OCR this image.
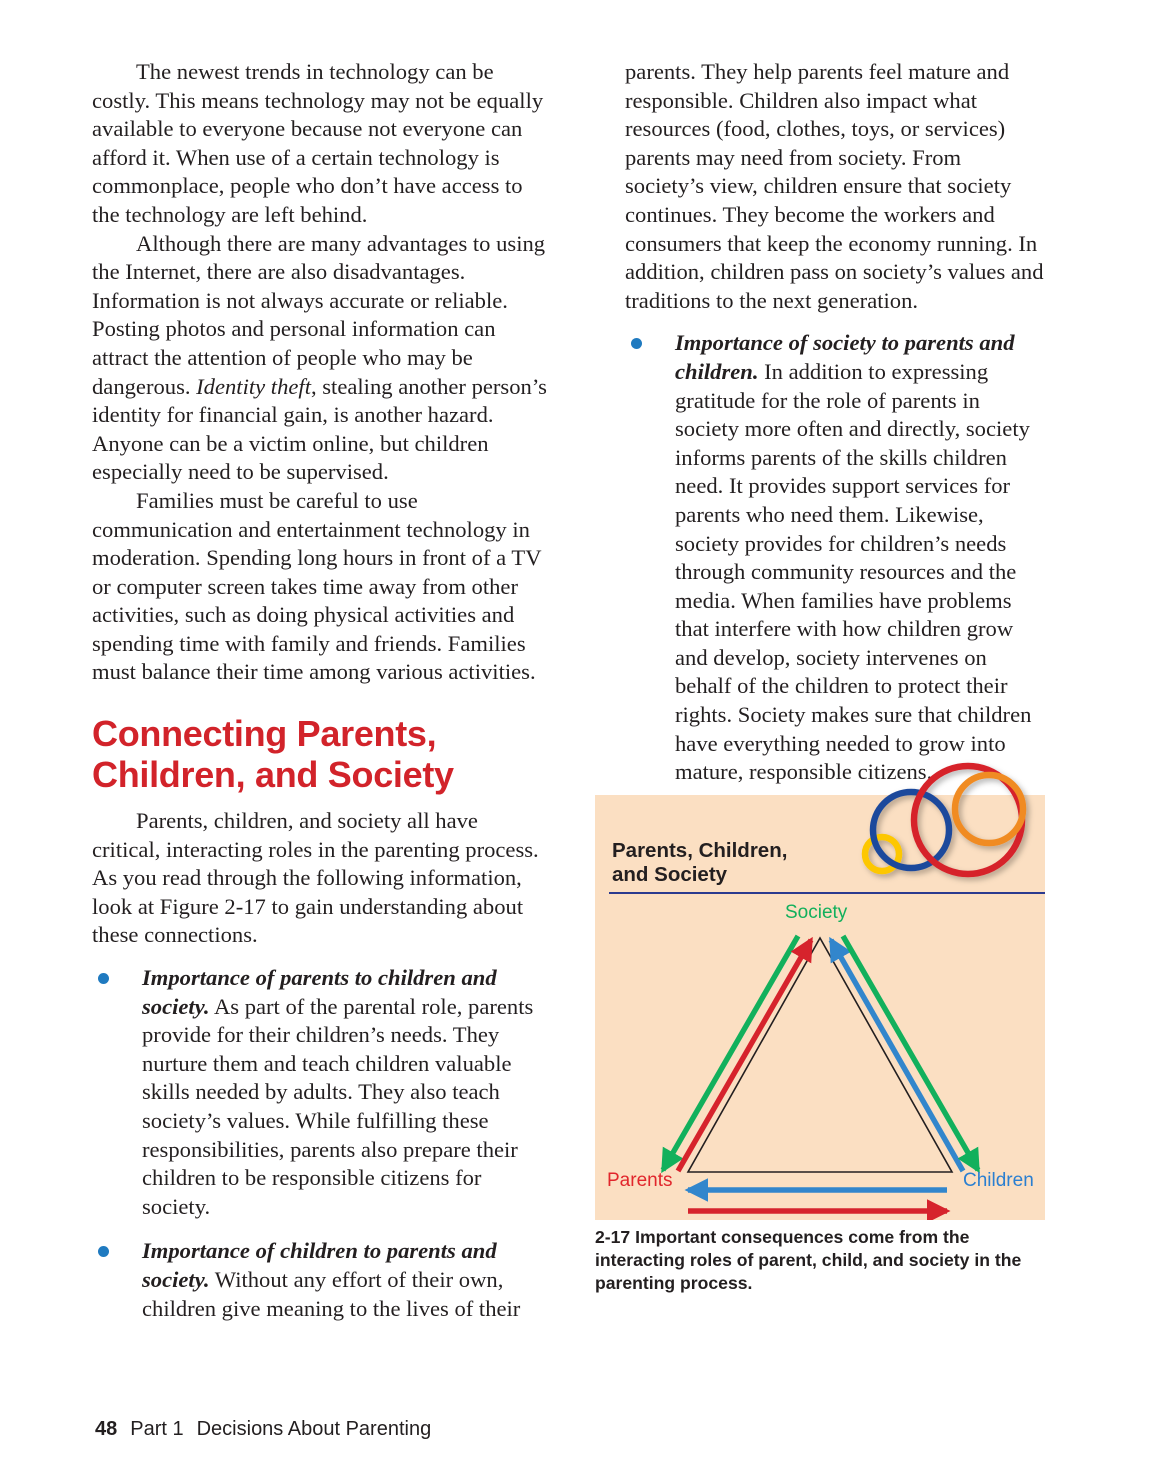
The newest trends in technology can be costly. This means technology may not be equally available to everyone because not everyone can afford it. When use of a certain technology is commonplace, people who don’t have access to the technology are left behind.

Although there are many advantages to using the Internet, there are also disadvantages. Information is not always accurate or reliable. Posting photos and personal information can attract the attention of people who may be dangerous. Identity theft, stealing another person’s identity for financial gain, is another hazard. Anyone can be a victim online, but children especially need to be supervised.

Families must be careful to use communication and entertainment technology in moderation. Spending long hours in front of a TV or computer screen takes time away from other activities, such as doing physical activities and spending time with family and friends. Families must balance their time among various activities.

Connecting Parents, Children, and Society

Parents, children, and society all have critical, interacting roles in the parenting process. As you read through the following information, look at Figure 2-17 to gain understanding about these connections.

Importance of parents to children and society. As part of the parental role, parents provide for their children’s needs. They nurture them and teach children valuable skills needed by adults. They also teach society’s values. While fulfilling these responsibilities, parents also prepare their children to be responsible citizens for society.
Importance of children to parents and society. Without any effort of their own, children give meaning to the lives of their

parents. They help parents feel mature and responsible. Children also impact what resources (food, clothes, toys, or services) parents may need from society. From society’s view, children ensure that society continues. They become the workers and consumers that keep the economy running. In addition, children pass on society’s values and traditions to the next generation.

Importance of society to parents and children. In addition to expressing gratitude for the role of parents in society more often and directly, society informs parents of the skills children need. It provides support services for parents who need them. Likewise, society provides for children’s needs through community resources and the media. When families have problems that interfere with how children grow and develop, society intervenes on behalf of the children to protect their rights. Society makes sure that children have everything needed to grow into mature, responsible citizens.
Parents, Children,
and Society
Society
Parents	Children
2-17 Important consequences come from the interacting roles of parent, child, and society in the parenting process.
48 Part 1 Decisions About Parenting
